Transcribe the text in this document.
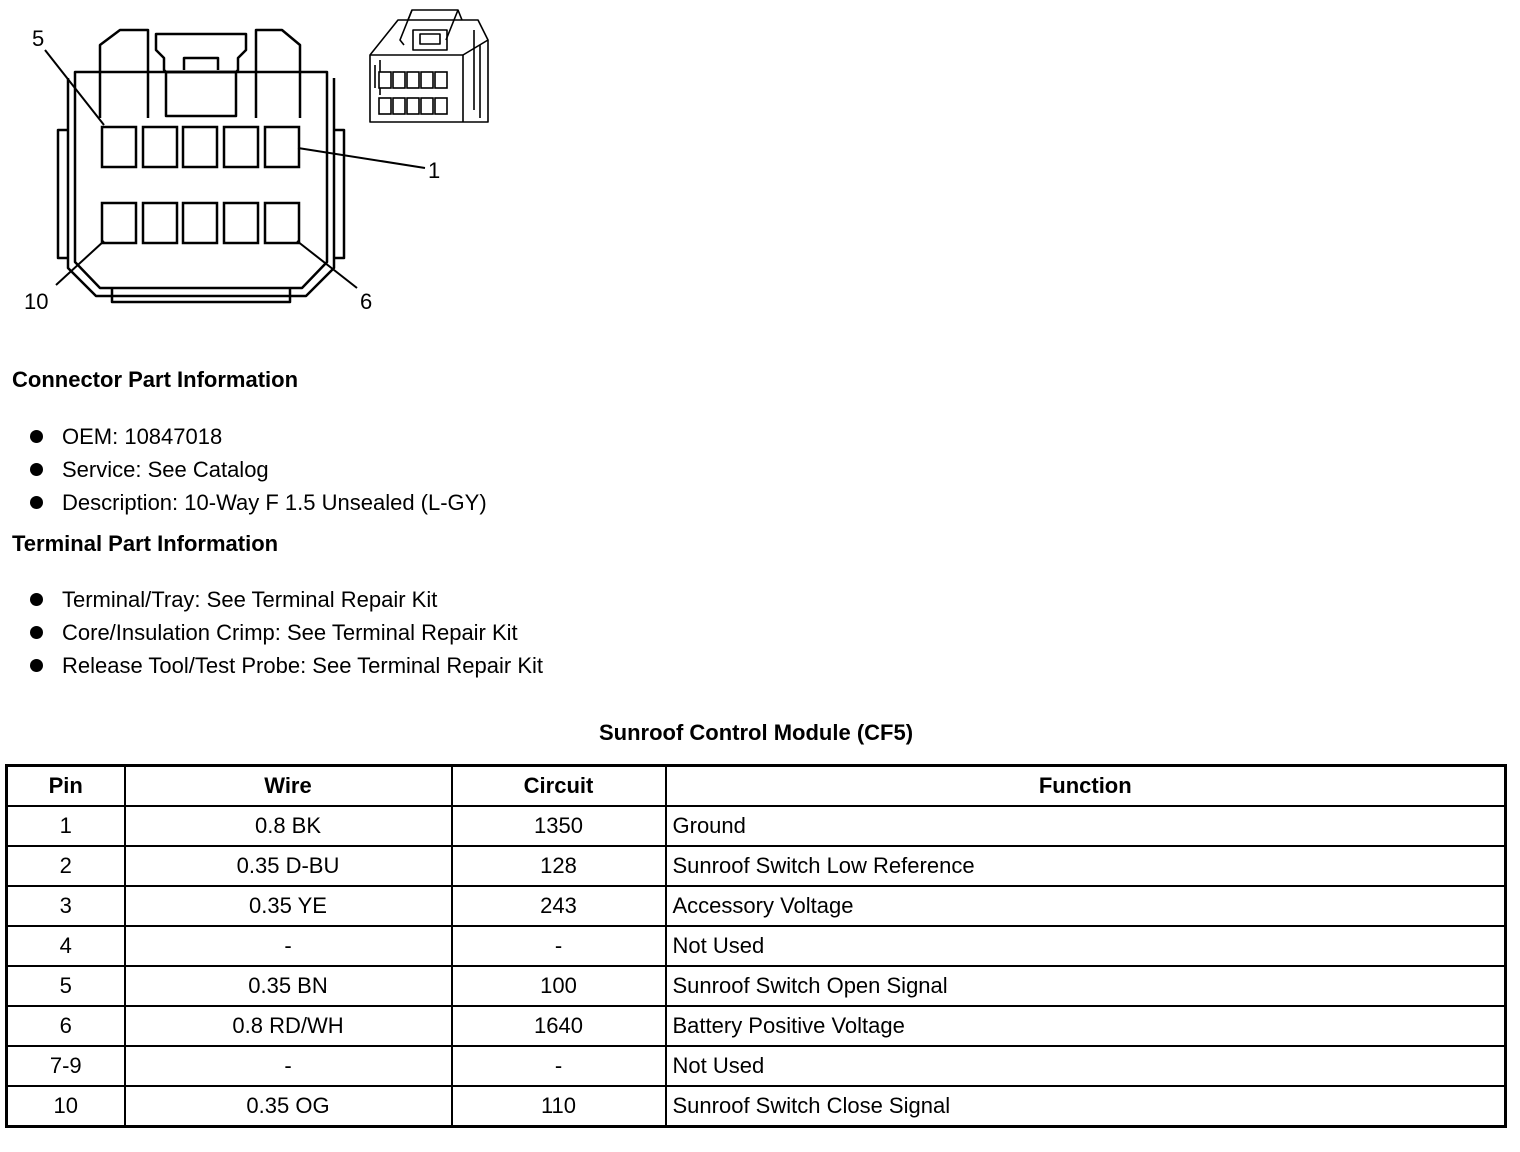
5
1
10	6
Connector Part Information
OEM: 10847018
Service: See Catalog
Description: 10-Way F 1.5 Unsealed (L-GY)
Terminal Part Information
Terminal/Tray: See Terminal Repair Kit
Core/Insulation Crimp: See Terminal Repair Kit
Release Tool/Test Probe: See Terminal Repair Kit
Sunroof Control Module (CF5)
Pin	Wire	Circuit	Function
1	0.8 BK	1350	Ground
2	0.35 D-BU	128	Sunroof Switch Low Reference
3	0.35 YE	243	Accessory Voltage
4	-	-	Not Used
5	0.35 BN	100	Sunroof Switch Open Signal
6	0.8 RD/WH	1640	Battery Positive Voltage
7-9	-	-	Not Used
10	0.35 OG	110	Sunroof Switch Close Signal
